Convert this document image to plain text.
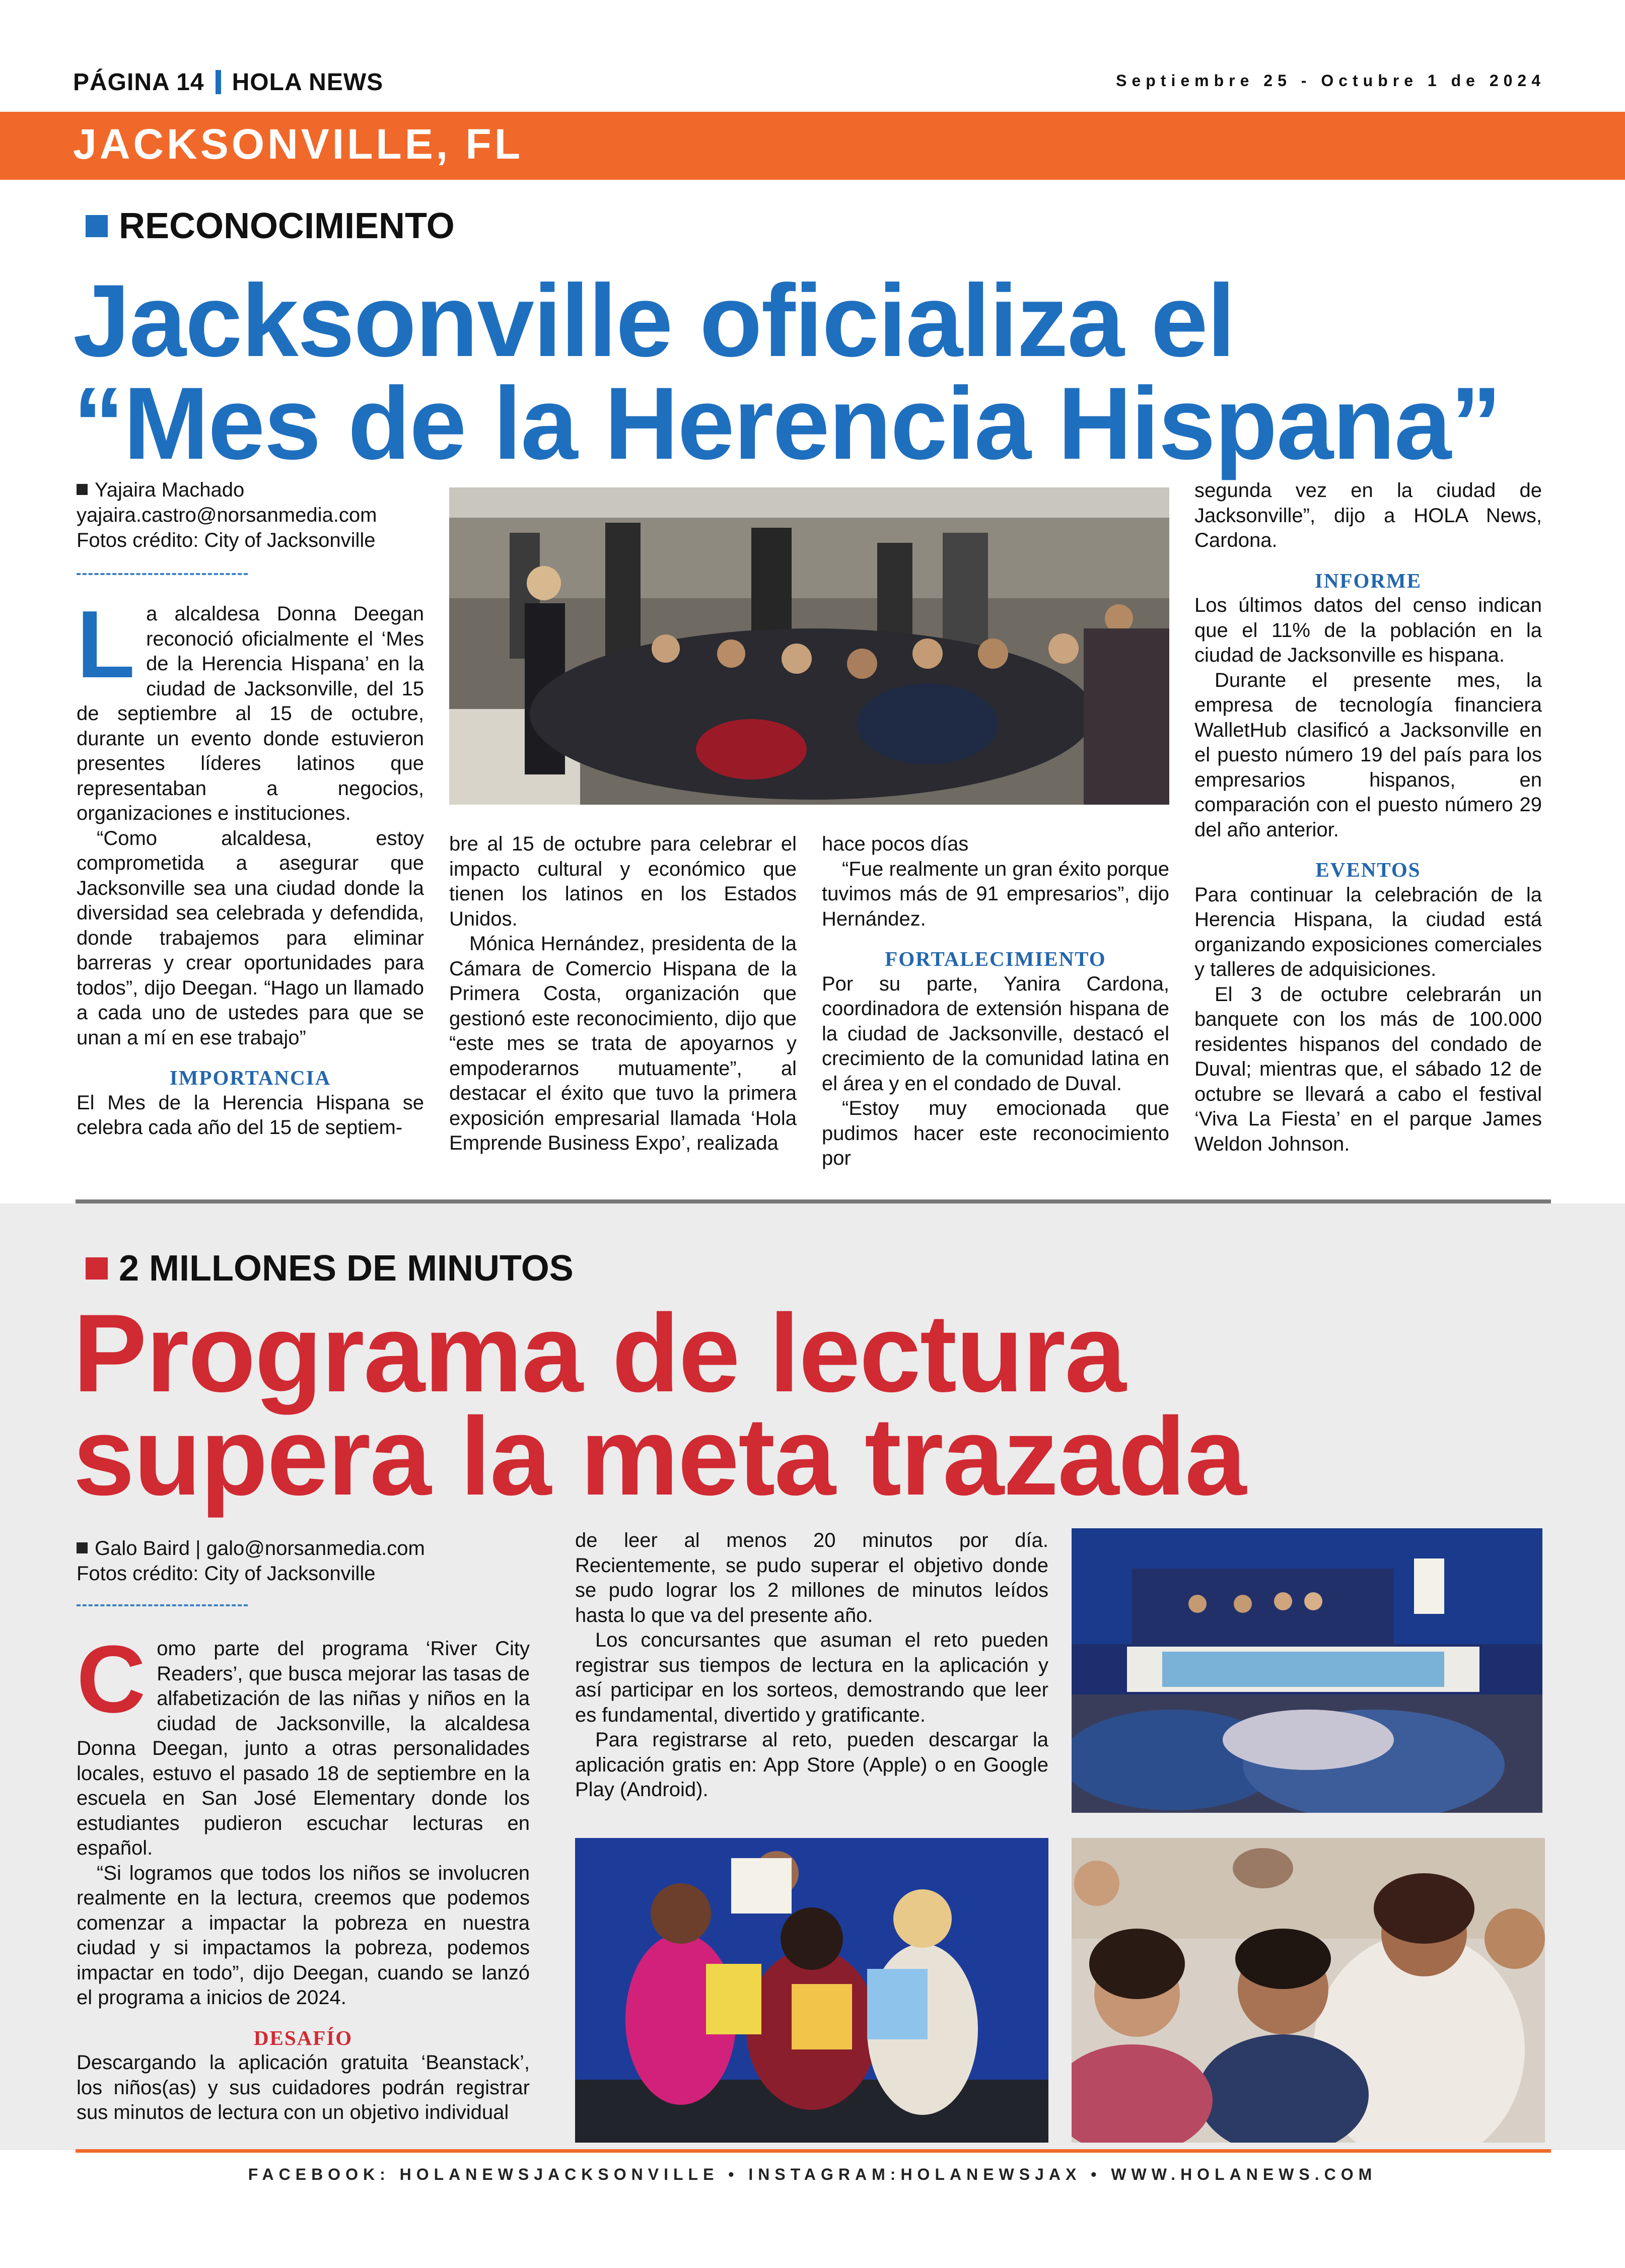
PÁGINA 14 HOLA NEWS	Septiembre 25 - Octubre 1 de 2024
JACKSONVILLE, FL
RECONOCIMIENTO
Jacksonville oficializa el
“Mes de la Herencia Hispana”
Yajaira Machado
yajaira.castro@norsanmedia.com
Fotos crédito: City of Jacksonville

La alcaldesa Donna Deegan reconoció oficialmente el ‘Mes de la Herencia Hispana’ en la ciudad de Jacksonville, del 15 de septiembre al 15 de octubre, durante un evento donde estuvieron presentes líderes latinos que representaban a negocios, organizaciones e instituciones.

“Como alcaldesa, estoy comprometida a asegurar que Jacksonville sea una ciudad donde la diversidad sea celebrada y defendida, donde trabajemos para eliminar barreras y crear oportunidades para todos”, dijo Deegan. “Hago un llamado a cada uno de ustedes para que se unan a mí en ese trabajo”

IMPORTANCIA

El Mes de la Herencia Hispana se celebra cada año del 15 de septiem-

bre al 15 de octubre para celebrar el impacto cultural y económico que tienen los latinos en los Estados Unidos.

Mónica Hernández, presidenta de la Cámara de Comercio Hispana de la Primera Costa, organización que gestionó este reconocimiento, dijo que “este mes se trata de apoyarnos y empoderarnos mutuamente”, al destacar el éxito que tuvo la primera exposición empresarial llamada ‘Hola Emprende Business Expo’, realizada

hace pocos días

“Fue realmente un gran éxito porque tuvimos más de 91 empresarios”, dijo Hernández.

FORTALECIMIENTO

Por su parte, Yanira Cardona, coordinadora de extensión hispana de la ciudad de Jacksonville, destacó el crecimiento de la comunidad latina en el área y en el condado de Duval.

“Estoy muy emocionada que pudimos hacer este reconocimiento por

segunda vez en la ciudad de Jacksonville”, dijo a HOLA News, Cardona.

INFORME

Los últimos datos del censo indican que el 11% de la población en la ciudad de Jacksonville es hispana.

Durante el presente mes, la empresa de tecnología financiera WalletHub clasificó a Jacksonville en el puesto número 19 del país para los empresarios hispanos, en comparación con el puesto número 29 del año anterior.

EVENTOS

Para continuar la celebración de la Herencia Hispana, la ciudad está organizando exposiciones comerciales y talleres de adquisiciones.

El 3 de octubre celebrarán un banquete con los más de 100.000 residentes hispanos del condado de Duval; mientras que, el sábado 12 de octubre se llevará a cabo el festival ‘Viva La Fiesta’ en el parque James Weldon Johnson.

2 MILLONES DE MINUTOS
Programa de lectura
supera la meta trazada
Galo Baird | galo@norsanmedia.com
Fotos crédito: City of Jacksonville

Como parte del programa ‘River City Readers’, que busca mejorar las tasas de alfabetización de las niñas y niños en la ciudad de Jacksonville, la alcaldesa Donna Deegan, junto a otras personalidades locales, estuvo el pasado 18 de septiembre en la escuela en San José Elementary donde los estudiantes pudieron escuchar lecturas en español.

“Si logramos que todos los niños se involucren realmente en la lectura, creemos que podemos comenzar a impactar la pobreza en nuestra ciudad y si impactamos la pobreza, podemos impactar en todo”, dijo Deegan, cuando se lanzó el programa a inicios de 2024.

DESAFÍO

Descargando la aplicación gratuita ‘Beanstack’, los niños(as) y sus cuidadores podrán registrar sus minutos de lectura con un objetivo individual

de leer al menos 20 minutos por día. Recientemente, se pudo superar el objetivo donde se pudo lograr los 2 millones de minutos leídos hasta lo que va del presente año.

Los concursantes que asuman el reto pueden registrar sus tiempos de lectura en la aplicación y así participar en los sorteos, demostrando que leer es fundamental, divertido y gratificante.

Para registrarse al reto, pueden descargar la aplicación gratis en: App Store (Apple) o en Google Play (Android).

FACEBOOK: HOLANEWSJACKSONVILLE • INSTAGRAM:HOLANEWSJAX • WWW.HOLANEWS.COM
